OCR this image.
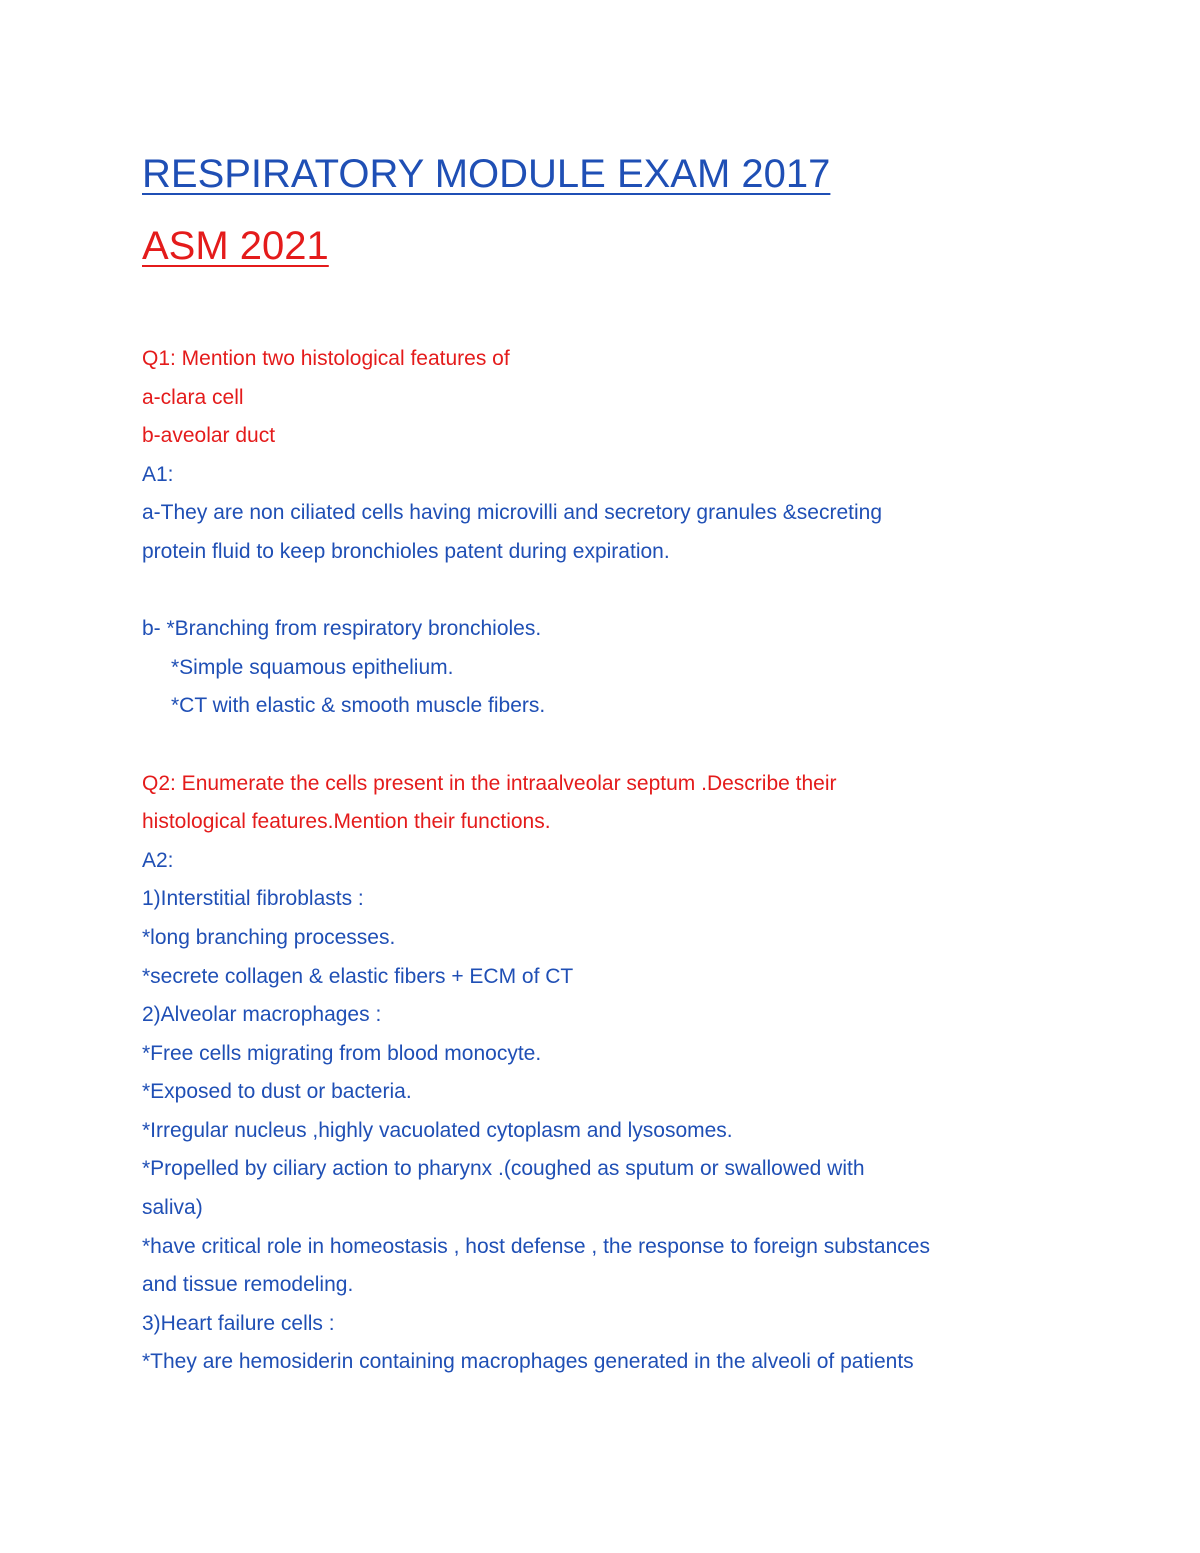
RESPIRATORY MODULE EXAM 2017
ASM 2021
Q1: Mention two histological features of
a-clara cell
b-aveolar duct
A1:
a-They are non ciliated cells having microvilli and secretory granules &secreting
protein fluid to keep bronchioles patent during expiration.
b- *Branching from respiratory bronchioles.
*Simple squamous epithelium.
*CT with elastic & smooth muscle fibers.
Q2: Enumerate the cells present in the intraalveolar septum .Describe their
histological features.Mention their functions.
A2:
1)Interstitial fibroblasts :
*long branching processes.
*secrete collagen & elastic fibers + ECM of CT
2)Alveolar macrophages :
*Free cells migrating from blood monocyte.
*Exposed to dust or bacteria.
*Irregular nucleus ,highly vacuolated cytoplasm and lysosomes.
*Propelled by ciliary action to pharynx .(coughed as sputum or swallowed with
saliva)
*have critical role in homeostasis , host defense , the response to foreign substances
and tissue remodeling.
3)Heart failure cells :
*They are hemosiderin containing macrophages generated in the alveoli of patients
